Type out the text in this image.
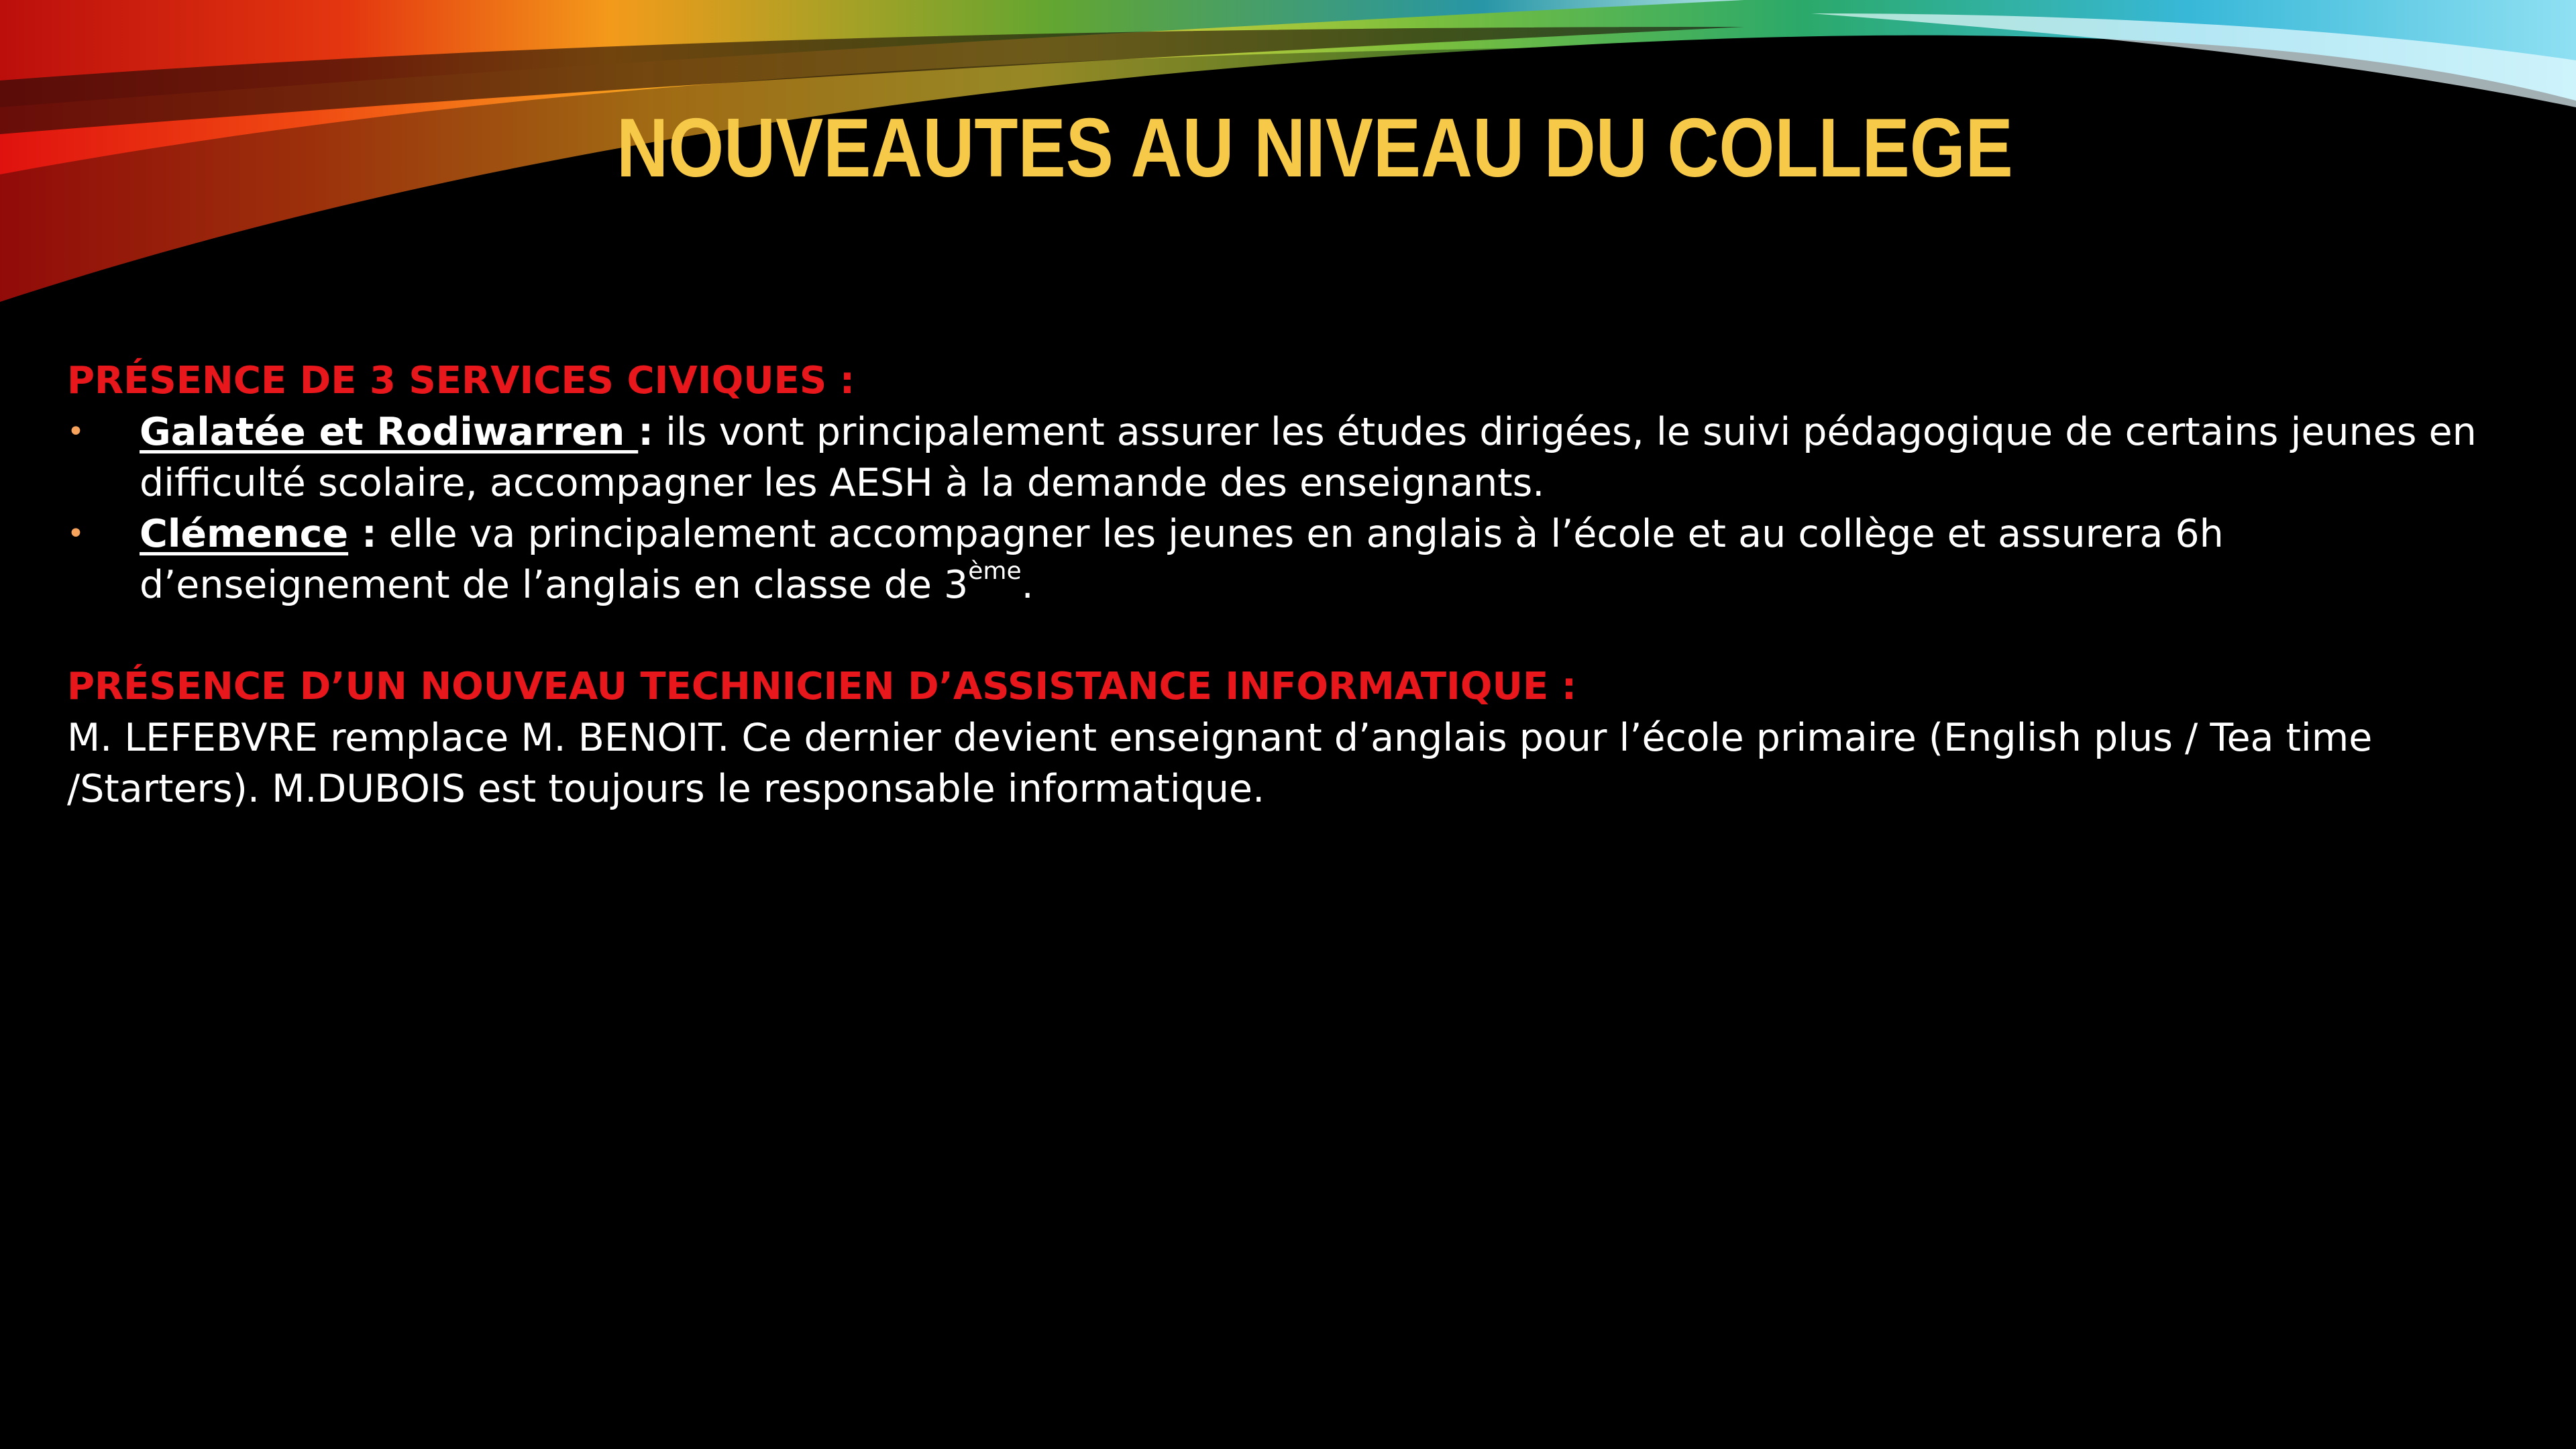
NOUVEAUTES AU NIVEAU DU COLLEGE
PRÉSENCE DE 3 SERVICES CIVIQUES :
• Galatée et Rodiwarren : ils vont principalement assurer les études dirigées, le suivi pédagogique de certains jeunes en difficulté scolaire, accompagner les AESH à la demande des enseignants.
• Clémence : elle va principalement accompagner les jeunes en anglais à l’école et au collège et assurera 6h d’enseignement de l’anglais en classe de 3ème.
PRÉSENCE D’UN NOUVEAU TECHNICIEN D’ASSISTANCE INFORMATIQUE :
M. LEFEBVRE remplace M. BENOIT. Ce dernier devient enseignant d’anglais pour l’école primaire (English plus / Tea time /Starters). M.DUBOIS est toujours le responsable informatique.
